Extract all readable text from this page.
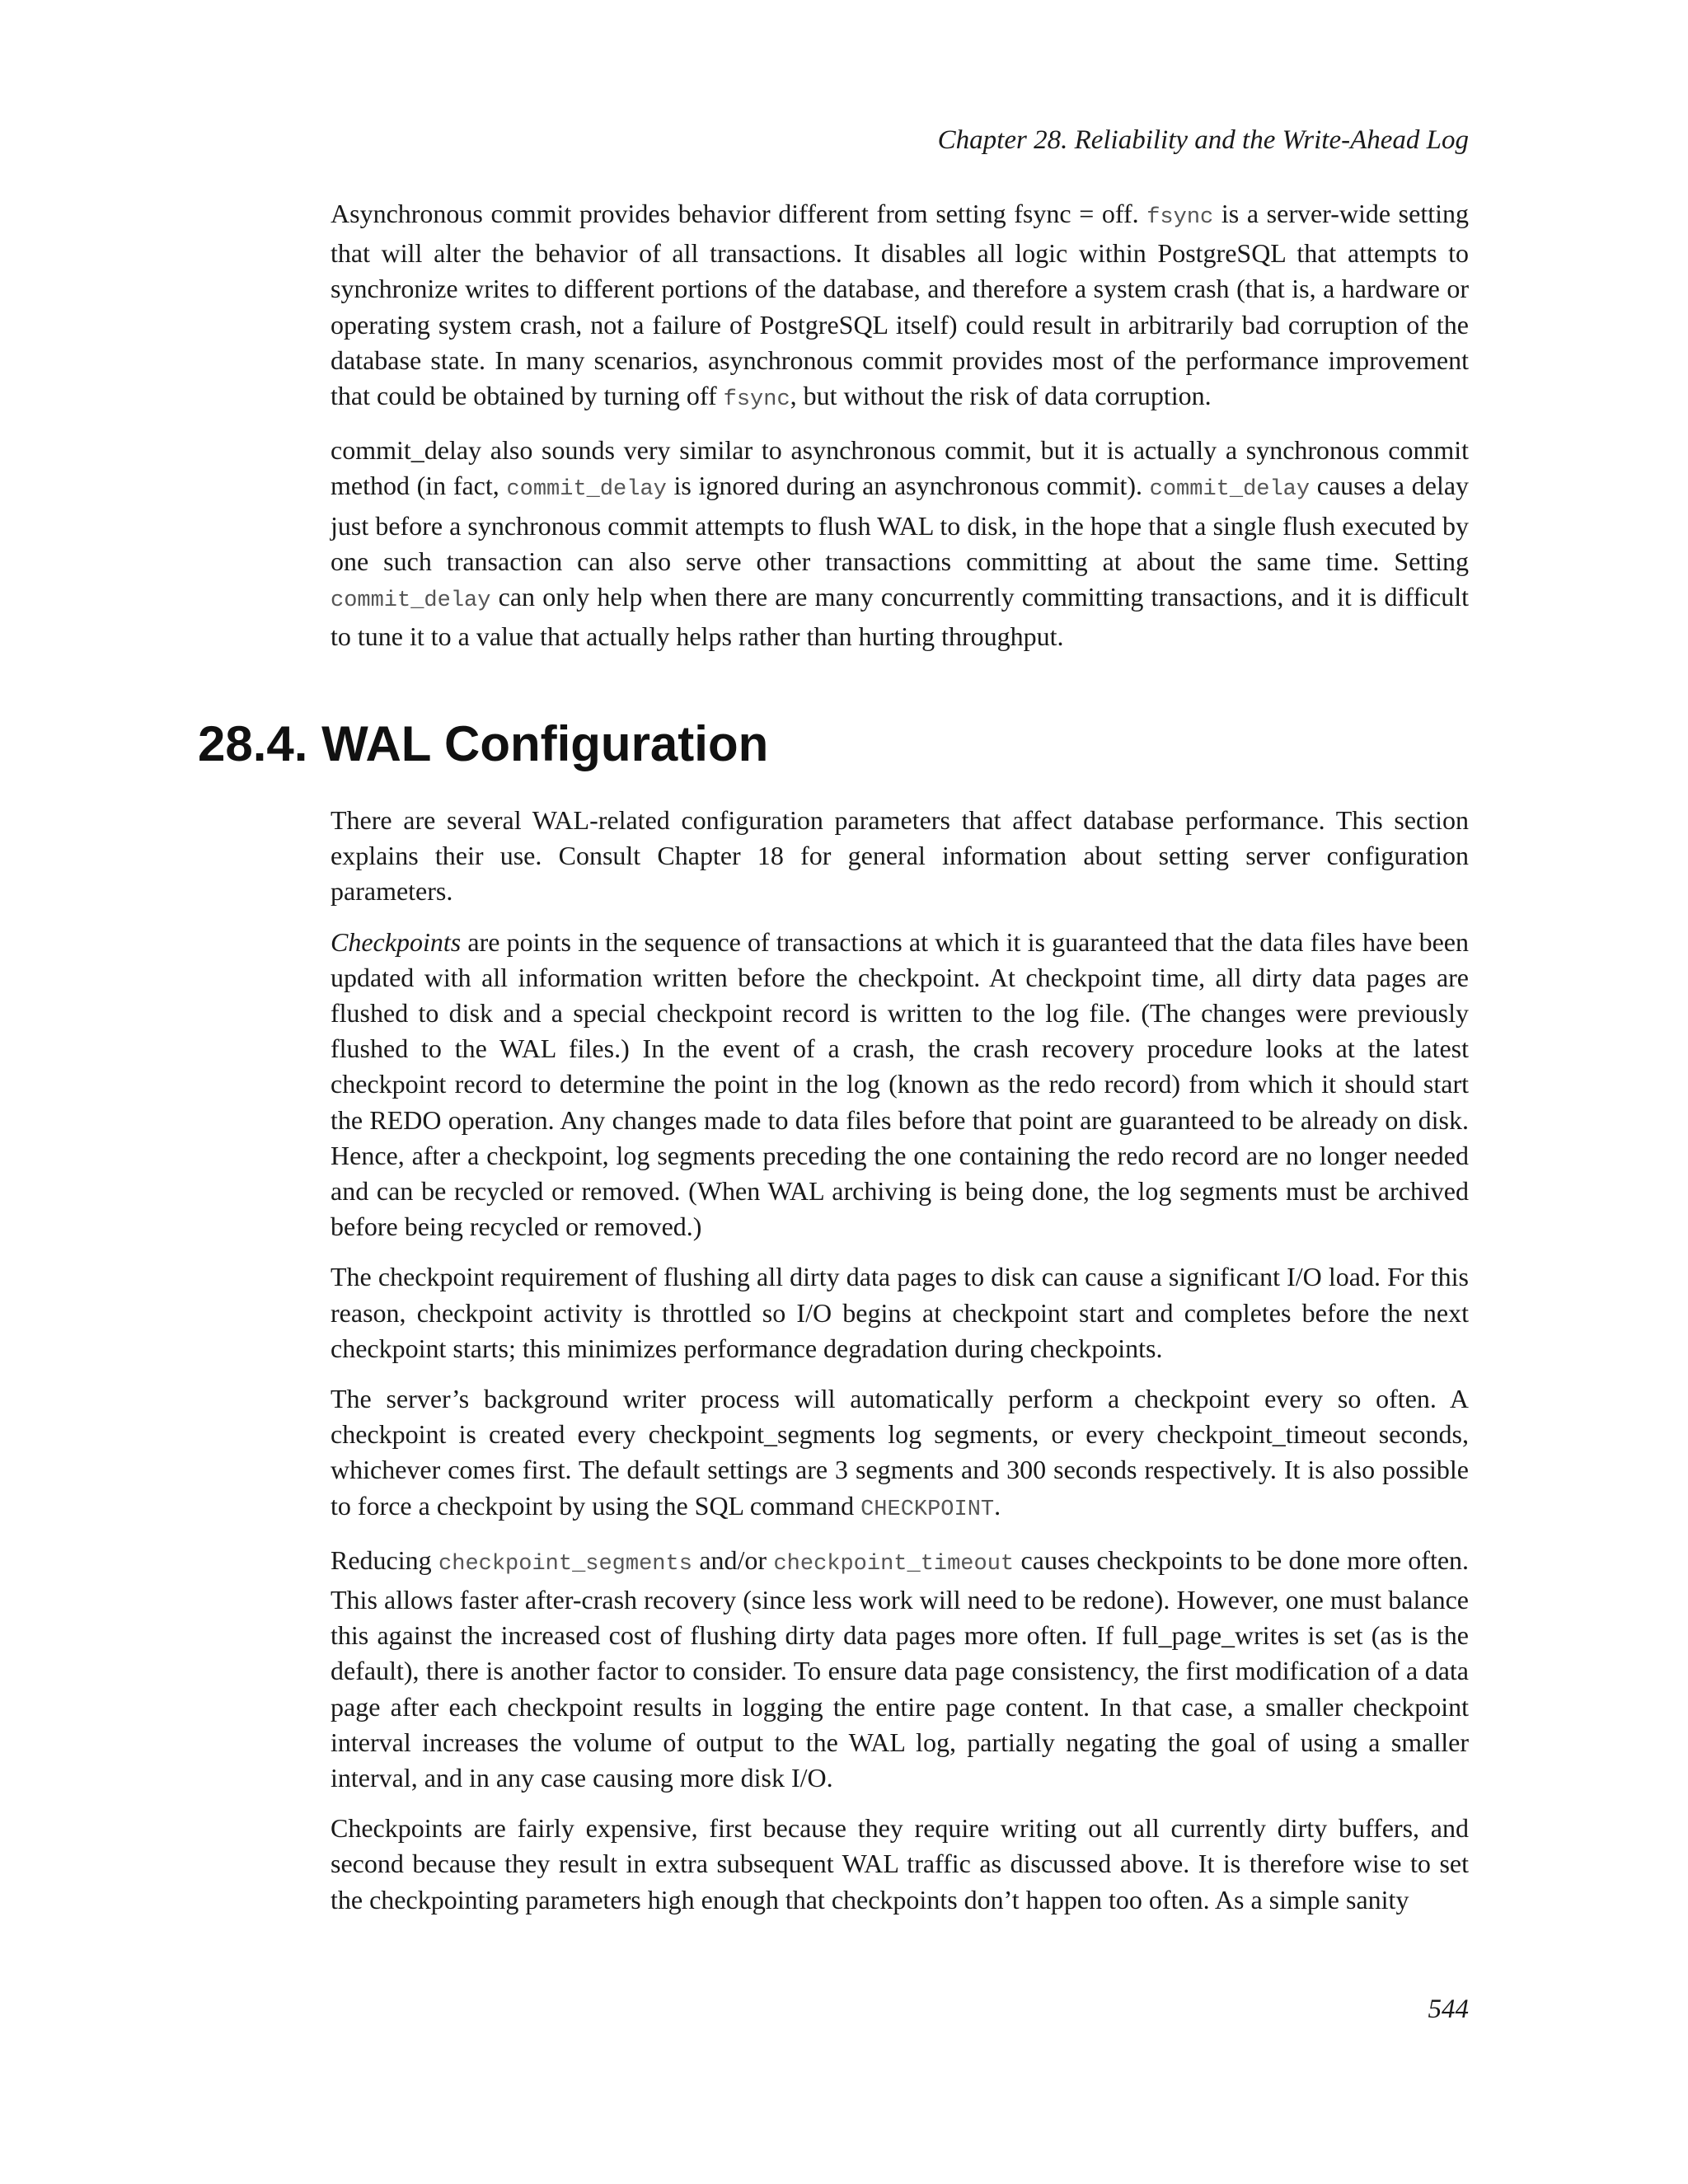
Chapter 28. Reliability and the Write-Ahead Log

Asynchronous commit provides behavior different from setting fsync = off. fsync is a server-wide setting that will alter the behavior of all transactions. It disables all logic within PostgreSQL that attempts to synchronize writes to different portions of the database, and therefore a system crash (that is, a hardware or operating system crash, not a failure of PostgreSQL itself) could result in arbitrarily bad corruption of the database state. In many scenarios, asynchronous commit provides most of the performance improvement that could be obtained by turning off fsync, but without the risk of data corruption.

commit_delay also sounds very similar to asynchronous commit, but it is actually a synchronous commit method (in fact, commit_delay is ignored during an asynchronous commit). commit_delay causes a delay just before a synchronous commit attempts to flush WAL to disk, in the hope that a single flush executed by one such transaction can also serve other transactions committing at about the same time. Setting commit_delay can only help when there are many concurrently committing transactions, and it is difficult to tune it to a value that actually helps rather than hurting throughput.

28.4. WAL Configuration

There are several WAL-related configuration parameters that affect database performance. This section explains their use. Consult Chapter 18 for general information about setting server configuration parameters.

Checkpoints are points in the sequence of transactions at which it is guaranteed that the data files have been updated with all information written before the checkpoint. At checkpoint time, all dirty data pages are flushed to disk and a special checkpoint record is written to the log file. (The changes were previously flushed to the WAL files.) In the event of a crash, the crash recovery procedure looks at the latest checkpoint record to determine the point in the log (known as the redo record) from which it should start the REDO operation. Any changes made to data files before that point are guaranteed to be already on disk. Hence, after a checkpoint, log segments preceding the one containing the redo record are no longer needed and can be recycled or removed. (When WAL archiving is being done, the log segments must be archived before being recycled or removed.)

The checkpoint requirement of flushing all dirty data pages to disk can cause a significant I/O load. For this reason, checkpoint activity is throttled so I/O begins at checkpoint start and completes before the next checkpoint starts; this minimizes performance degradation during checkpoints.

The server’s background writer process will automatically perform a checkpoint every so often. A checkpoint is created every checkpoint_segments log segments, or every checkpoint_timeout seconds, whichever comes first. The default settings are 3 segments and 300 seconds respectively. It is also possible to force a checkpoint by using the SQL command CHECKPOINT.

Reducing checkpoint_segments and/or checkpoint_timeout causes checkpoints to be done more often. This allows faster after-crash recovery (since less work will need to be redone). However, one must balance this against the increased cost of flushing dirty data pages more often. If full_page_writes is set (as is the default), there is another factor to consider. To ensure data page consistency, the first modification of a data page after each checkpoint results in logging the entire page content. In that case, a smaller checkpoint interval increases the volume of output to the WAL log, partially negating the goal of using a smaller interval, and in any case causing more disk I/O.

Checkpoints are fairly expensive, first because they require writing out all currently dirty buffers, and second because they result in extra subsequent WAL traffic as discussed above. It is therefore wise to set the checkpointing parameters high enough that checkpoints don’t happen too often. As a simple sanity

544
